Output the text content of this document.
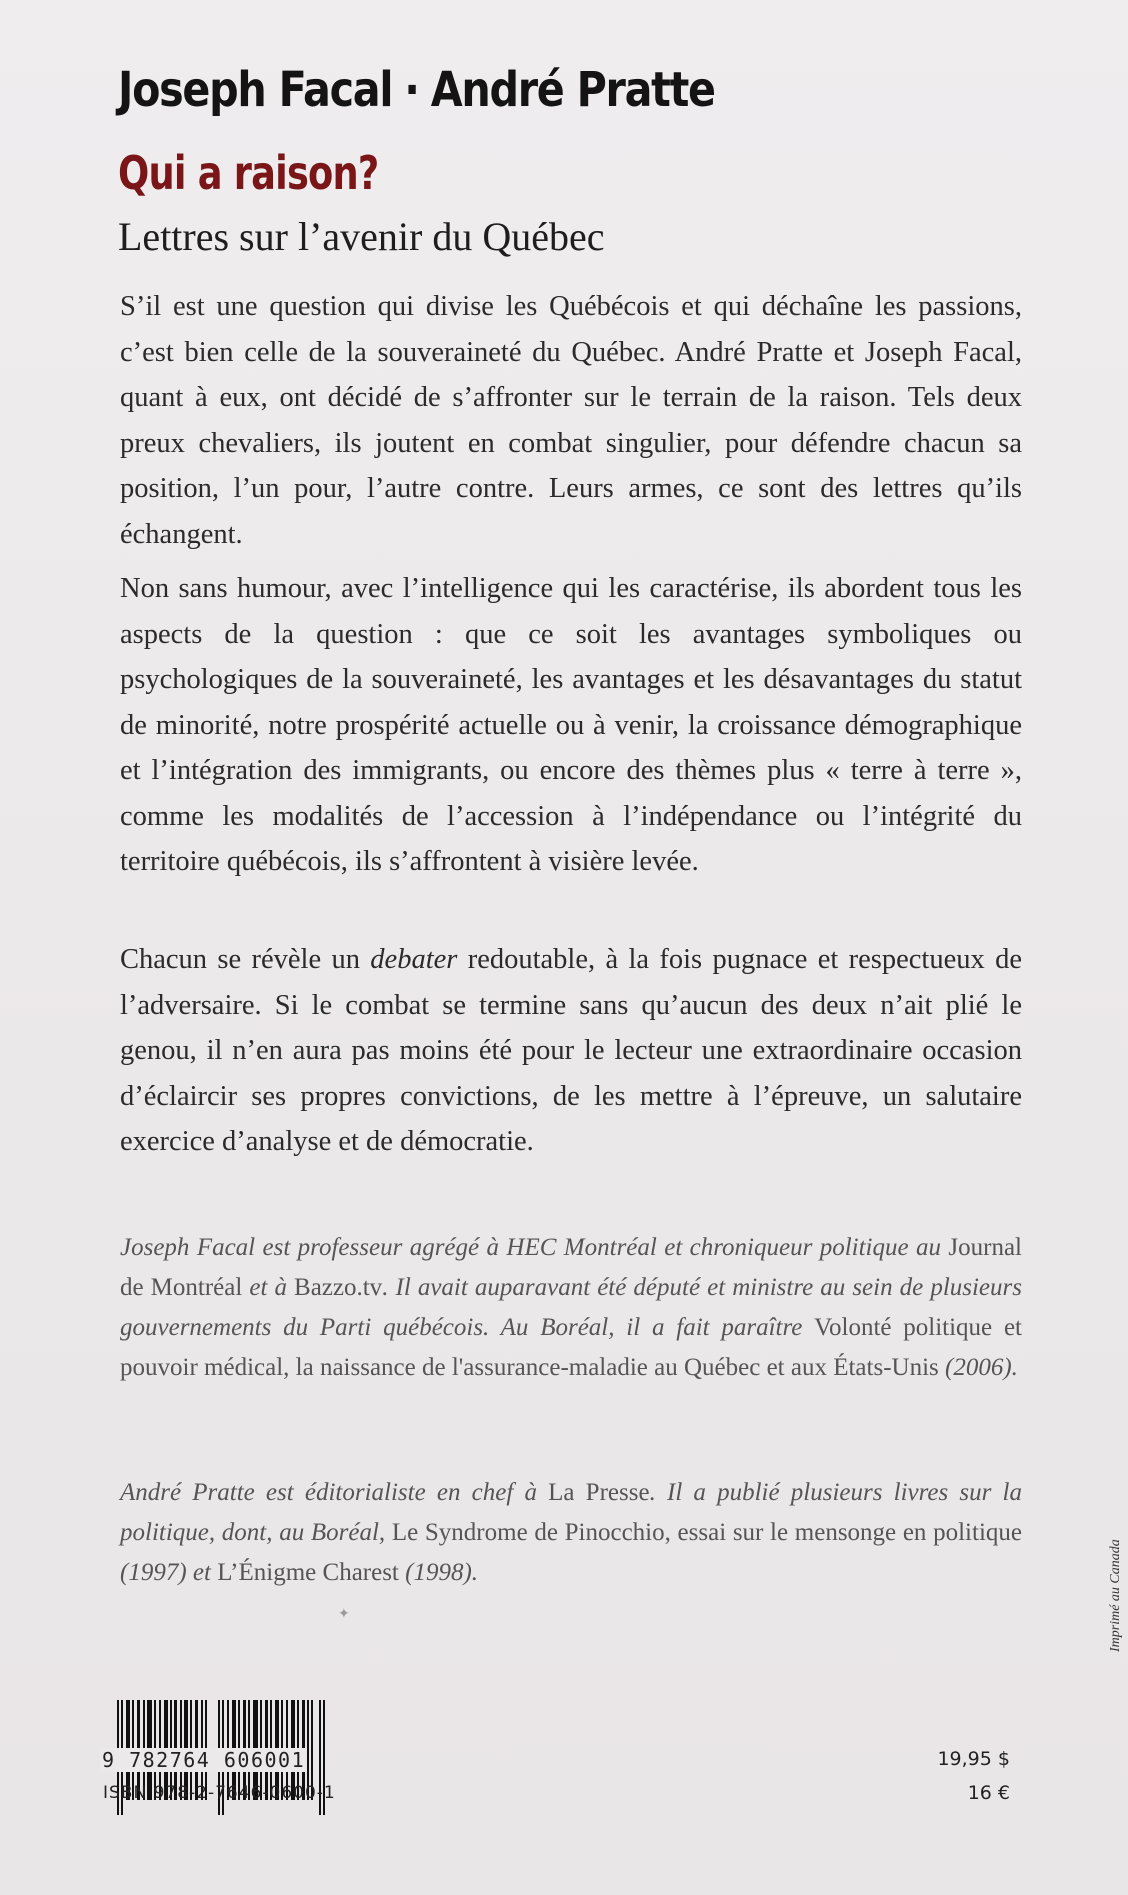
Joseph Facal · André Pratte
Qui a raison?
Lettres sur l’avenir du Québec

S’il est une question qui divise les Québécois et qui déchaîne les passions, c’est bien celle de la souveraineté du Québec. André Pratte et Joseph Facal, quant à eux, ont décidé de s’affronter sur le terrain de la raison. Tels deux preux chevaliers, ils joutent en combat singulier, pour défendre chacun sa position, l’un pour, l’autre contre. Leurs armes, ce sont des lettres qu’ils échangent.

Non sans humour, avec l’intelligence qui les caractérise, ils abordent tous les aspects de la question : que ce soit les avantages symboliques ou psychologiques de la souveraineté, les avantages et les désavantages du statut de minorité, notre prospérité actuelle ou à venir, la croissance démographique et l’intégration des immigrants, ou encore des thèmes plus « terre à terre », comme les modalités de l’accession à l’indépendance ou l’intégrité du territoire québécois, ils s’affrontent à visière levée.

Chacun se révèle un debater redoutable, à la fois pugnace et respectueux de l’adversaire. Si le combat se termine sans qu’aucun des deux n’ait plié le genou, il n’en aura pas moins été pour le lecteur une extraordinaire occasion d’éclaircir ses propres convictions, de les mettre à l’épreuve, un salutaire exercice d’analyse et de démocratie.

Joseph Facal est professeur agrégé à HEC Montréal et chroniqueur politique au Journal de Montréal et à Bazzo.tv. Il avait auparavant été député et ministre au sein de plusieurs gouvernements du Parti québécois. Au Boréal, il a fait paraître Volonté politique et pouvoir médical, la naissance de l'assurance-maladie au Québec et aux États-Unis (2006).
André Pratte est éditorialiste en chef à La Presse. Il a publié plusieurs livres sur la politique, dont, au Boréal, Le Syndrome de Pinocchio, essai sur le mensonge en politique (1997) et L’Énigme Charest (1998).
✦
9 782764 606001
ISBN 978-2-7646-0600-1
19,95 $
16 €
Imprimé au Canada
